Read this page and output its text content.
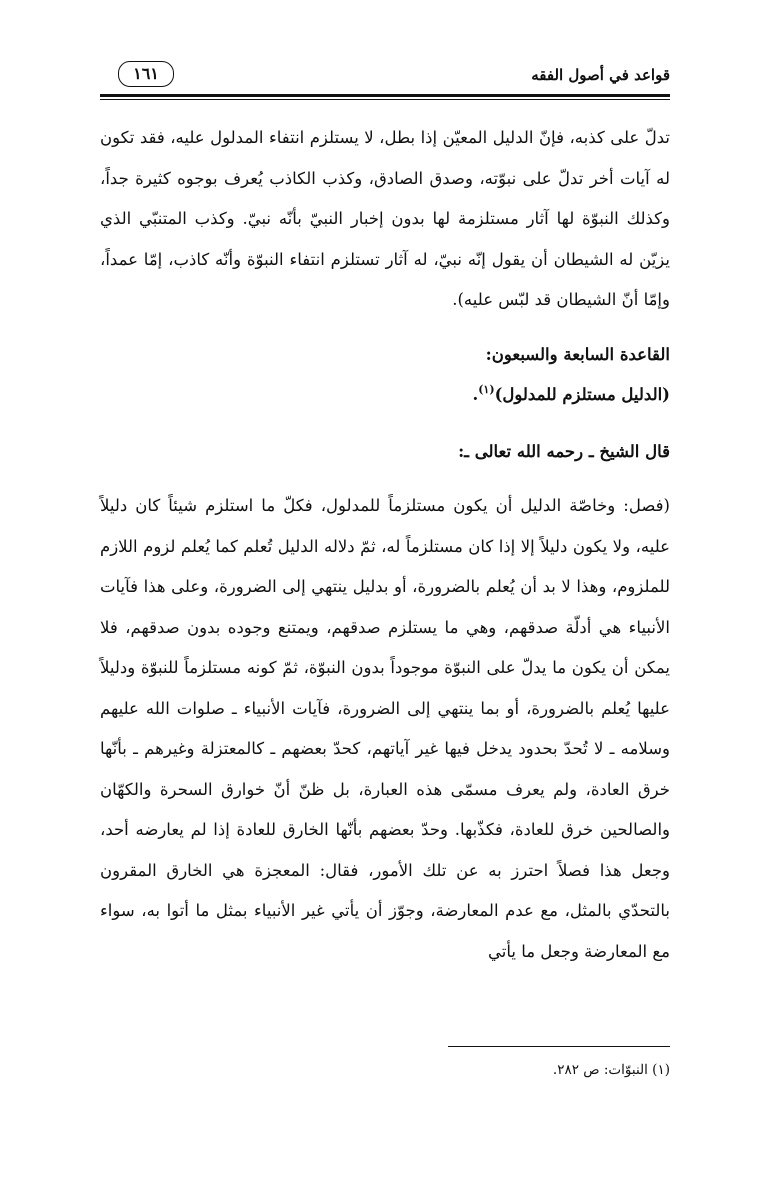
قواعد في أصول الفقه
١٦١

تدلّ على كذبه، فإنّ الدليل المعيّن إذا بطل، لا يستلزم انتفاء المدلول عليه، فقد تكون له آيات أخر تدلّ على نبوّته، وصدق الصادق، وكذب الكاذب يُعرف بوجوه كثيرة جداً، وكذلك النبوّة لها آثار مستلزمة لها بدون إخبار النبيّ بأنّه نبيّ. وكذب المتنبّي الذي يزيّن له الشيطان أن يقول إنّه نبيّ، له آثار تستلزم انتفاء النبوّة وأنّه كاذب، إمّا عمداً، وإمّا أنّ الشيطان قد لبّس عليه).

القاعدة السابعة والسبعون:

(الدليل مستلزم للمدلول)$^{(١)}$.

قال الشيخ ـ رحمه الله تعالى ـ:

(فصل: وخاصّة الدليل أن يكون مستلزماً للمدلول، فكلّ ما استلزم شيئاً كان دليلاً عليه، ولا يكون دليلاً إلا إذا كان مستلزماً له، ثمّ دلاله الدليل تُعلم كما يُعلم لزوم اللازم للملزوم، وهذا لا بد أن يُعلم بالضرورة، أو بدليل ينتهي إلى الضرورة، وعلى هذا فآيات الأنبياء هي أدلّة صدقهم، وهي ما يستلزم صدقهم، ويمتنع وجوده بدون صدقهم، فلا يمكن أن يكون ما يدلّ على النبوّة موجوداً بدون النبوّة، ثمّ كونه مستلزماً للنبوّة ودليلاً عليها يُعلم بالضرورة، أو بما ينتهي إلى الضرورة، فآيات الأنبياء ـ صلوات الله عليهم وسلامه ـ لا تُحدّ بحدود يدخل فيها غير آياتهم، كحدّ بعضهم ـ كالمعتزلة وغيرهم ـ بأنّها خرق العادة، ولم يعرف مسمّى هذه العبارة، بل ظنّ أنّ خوارق السحرة والكهّان والصالحين خرق للعادة، فكذّبها. وحدّ بعضهم بأنّها الخارق للعادة إذا لم يعارضه أحد، وجعل هذا فصلاً احترز به عن تلك الأمور، فقال: المعجزة هي الخارق المقرون بالتحدّي بالمثل، مع عدم المعارضة، وجوّز أن يأتي غير الأنبياء بمثل ما أتوا به، سواء مع المعارضة وجعل ما يأتي

(١) النبوّات: ص ٢٨٢.
